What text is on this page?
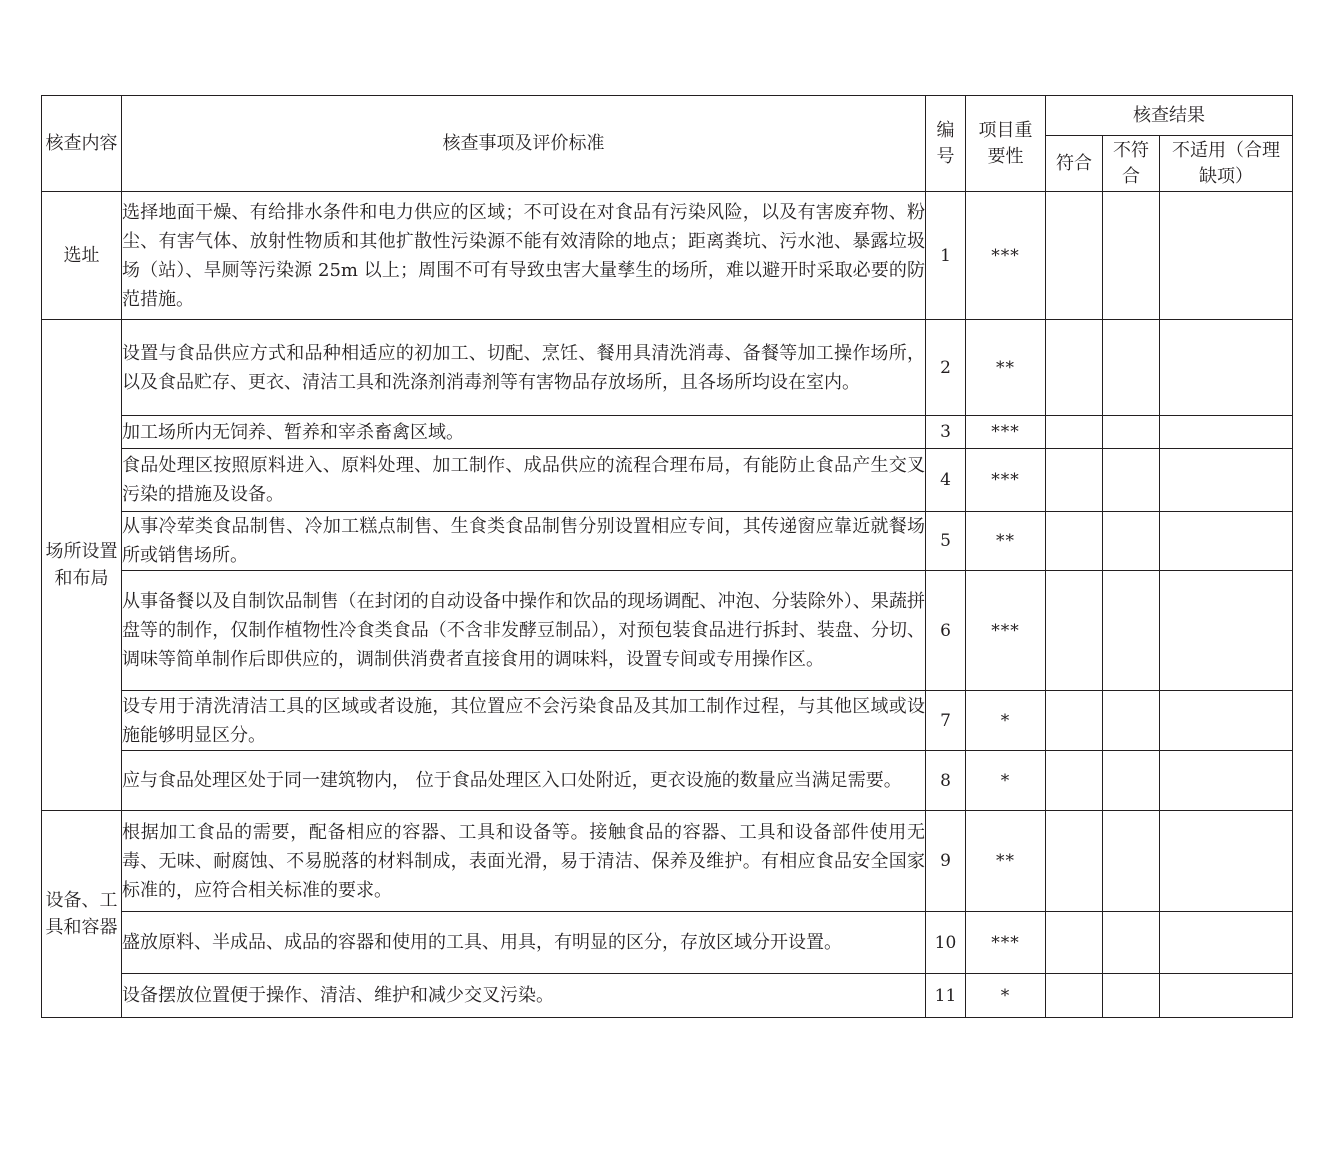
核查内容	核查事项及评价标准	编号	项目重要性	核查结果		
				符合	不符合	不适用（合理缺项）
选址	选择地面干燥、有给排水条件和电力供应的区域；不可设在对食品有污染风险，以及有害废弃物、粉尘、有害气体、放射性物质和其他扩散性污染源不能有效清除的地点；距离粪坑、污水池、暴露垃圾场（站）、旱厕等污染源 25m 以上；周围不可有导致虫害大量孳生的场所，难以避开时采取必要的防范措施。	1	***			
场所设置和布局	设置与食品供应方式和品种相适应的初加工、切配、烹饪、餐用具清洗消毒、备餐等加工操作场所，以及食品贮存、更衣、清洁工具和洗涤剂消毒剂等有害物品存放场所，且各场所均设在室内。	2	**			
	加工场所内无饲养、暂养和宰杀畜禽区域。	3	***			
	食品处理区按照原料进入、原料处理、加工制作、成品供应的流程合理布局，有能防止食品产生交叉污染的措施及设备。	4	***			
	从事冷荤类食品制售、冷加工糕点制售、生食类食品制售分别设置相应专间，其传递窗应靠近就餐场所或销售场所。	5	**			
	从事备餐以及自制饮品制售（在封闭的自动设备中操作和饮品的现场调配、冲泡、分装除外）、果蔬拼盘等的制作，仅制作植物性冷食类食品（不含非发酵豆制品），对预包装食品进行拆封、装盘、分切、调味等简单制作后即供应的，调制供消费者直接食用的调味料，设置专间或专用操作区。	6	***			
	设专用于清洗清洁工具的区域或者设施，其位置应不会污染食品及其加工制作过程，与其他区域或设施能够明显区分。	7	*			
	应与食品处理区处于同一建筑物内， 位于食品处理区入口处附近，更衣设施的数量应当满足需要。	8	*			
设备、工具和容器	根据加工食品的需要，配备相应的容器、工具和设备等。接触食品的容器、工具和设备部件使用无毒、无味、耐腐蚀、不易脱落的材料制成，表面光滑，易于清洁、保养及维护。有相应食品安全国家标准的，应符合相关标准的要求。	9	**			
	盛放原料、半成品、成品的容器和使用的工具、用具，有明显的区分，存放区域分开设置。	10	***			
	设备摆放位置便于操作、清洁、维护和减少交叉污染。	11	*			
